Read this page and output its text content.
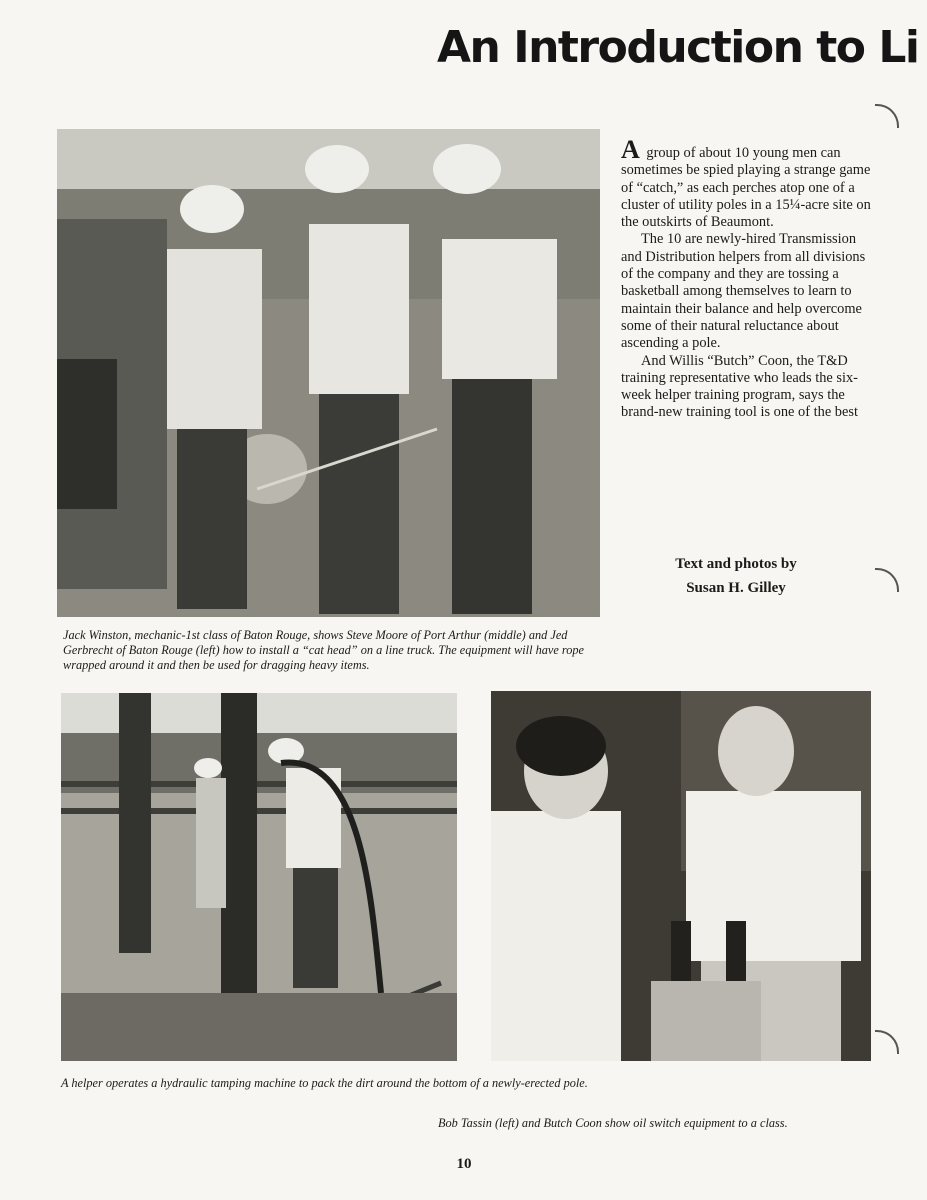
An Introduction to Li

A group of about 10 young men can sometimes be spied playing a strange game of “catch,” as each perches atop one of a cluster of utility poles in a 15¼-acre site on the outskirts of Beaumont.

The 10 are newly-hired Transmission and Distribution helpers from all divisions of the company and they are tossing a basketball among themselves to learn to maintain their balance and help overcome some of their natural reluctance about ascending a pole.

And Willis “Butch” Coon, the T&D training representative who leads the six-week helper training program, says the brand-new training tool is one of the best

Text and photos by
Susan H. Gilley
Jack Winston, mechanic-1st class of Baton Rouge, shows Steve Moore of Port Arthur (middle) and Jed Gerbrecht of Baton Rouge (left) how to install a “cat head” on a line truck. The equipment will have rope wrapped around it and then be used for dragging heavy items.
A helper operates a hydraulic tamping machine to pack the dirt around the bottom of a newly-erected pole.
Bob Tassin (left) and Butch Coon show oil switch equipment to a class.
10
